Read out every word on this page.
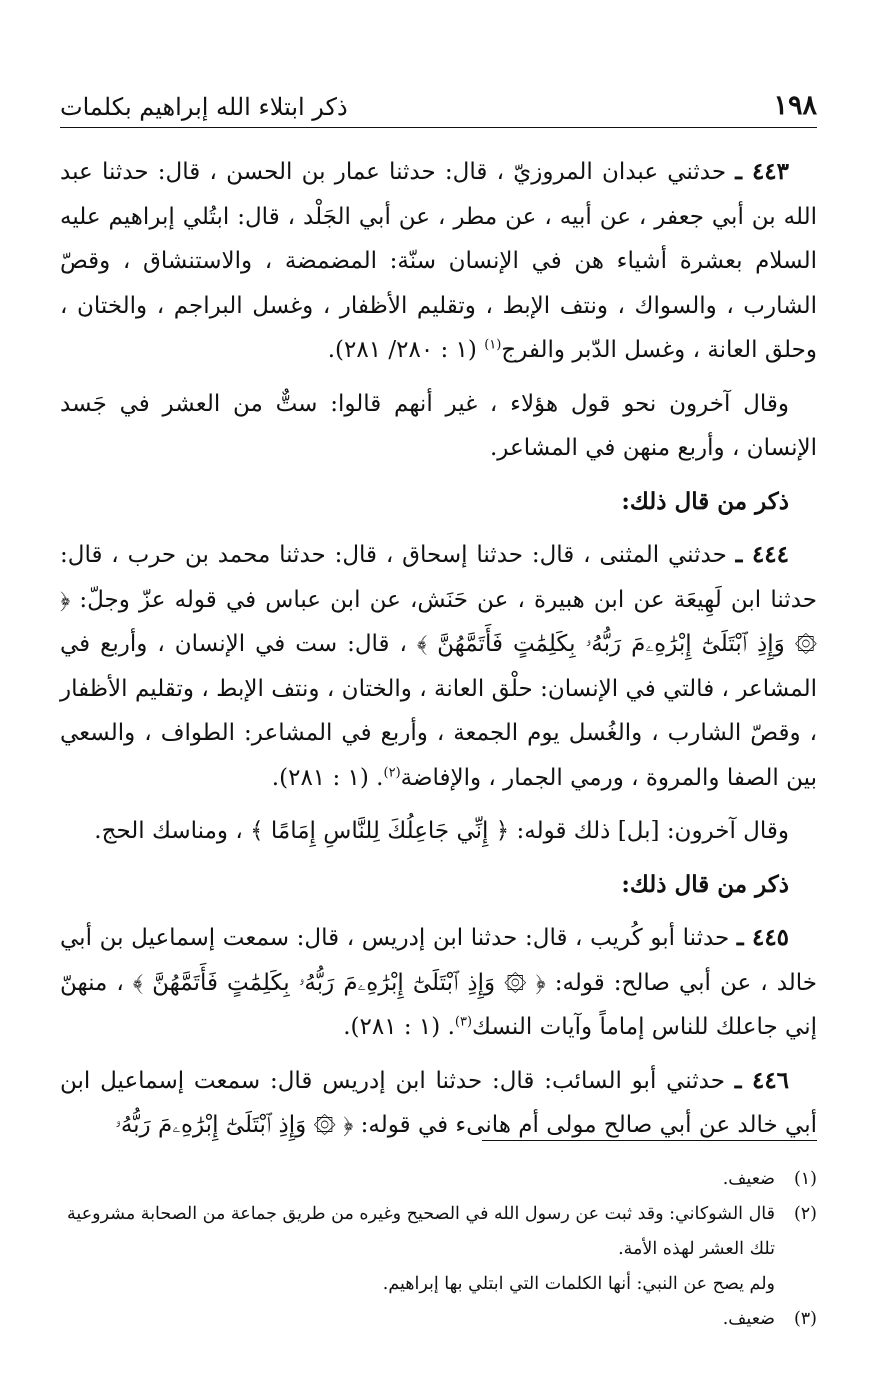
١٩٨
ذكر ابتلاء الله إبراهيم بكلمات

٤٤٣ ـ حدثني عبدان المروزيّ ، قال: حدثنا عمار بن الحسن ، قال: حدثنا عبد الله بن أبي جعفر ، عن أبيه ، عن مطر ، عن أبي الجَلْد ، قال: ابتُلي إبراهيم عليه السلام بعشرة أشياء هن في الإنسان سنّة: المضمضة ، والاستنشاق ، وقصّ الشارب ، والسواك ، ونتف الإبط ، وتقليم الأظفار ، وغسل البراجم ، والختان ، وحلق العانة ، وغسل الدّبر والفرج$^{(١)}$ (١ : ٢٨٠/ ٢٨١).

وقال آخرون نحو قول هؤلاء ، غير أنهم قالوا: ستٌّ من العشر في جَسد الإنسان ، وأربع منهن في المشاعر.

ذكر من قال ذلك:

٤٤٤ ـ حدثني المثنى ، قال: حدثنا إسحاق ، قال: حدثنا محمد بن حرب ، قال: حدثنا ابن لَهِيعَة عن ابن هبيرة ، عن حَنَش، عن ابن عباس في قوله عزّ وجلّ: ﴿ ۞ وَإِذِ ٱبْتَلَىٰٓ إِبْرَٰهِۦمَ رَبُّهُۥ بِكَلِمَٰتٍ فَأَتَمَّهُنَّ ﴾ ، قال: ست في الإنسان ، وأربع في المشاعر ، فالتي في الإنسان: حلْق العانة ، والختان ، ونتف الإبط ، وتقليم الأظفار ، وقصّ الشارب ، والغُسل يوم الجمعة ، وأربع في المشاعر: الطواف ، والسعي بين الصفا والمروة ، ورمي الجمار ، والإفاضة$^{(٢)}$. (١ : ٢٨١).

وقال آخرون: [بل] ذلك قوله: ﴿ إِنِّي جَاعِلُكَ لِلنَّاسِ إِمَامًا ﴾ ، ومناسك الحج.

ذكر من قال ذلك:

٤٤٥ ـ حدثنا أبو كُريب ، قال: حدثنا ابن إدريس ، قال: سمعت إسماعيل بن أبي خالد ، عن أبي صالح: قوله: ﴿ ۞ وَإِذِ ٱبْتَلَىٰٓ إِبْرَٰهِۦمَ رَبُّهُۥ بِكَلِمَٰتٍ فَأَتَمَّهُنَّ ﴾ ، منهنّ إني جاعلك للناس إماماً وآيات النسك$^{(٣)}$. (١ : ٢٨١).

٤٤٦ ـ حدثني أبو السائب: قال: حدثنا ابن إدريس قال: سمعت إسماعيل ابن أبي خالد عن أبي صالح مولى أم هانىء في قوله: ﴿ ۞ وَإِذِ ٱبْتَلَىٰٓ إِبْرَٰهِۦمَ رَبُّهُۥ

(١)
ضعيف.
(٢)
قال الشوكاني: وقد ثبت عن رسول الله في الصحيح وغيره من طريق جماعة من الصحابة مشروعية تلك العشر لهذه الأمة.
ولم يصح عن النبي: أنها الكلمات التي ابتلي بها إبراهيم.
(٣)
ضعيف.
